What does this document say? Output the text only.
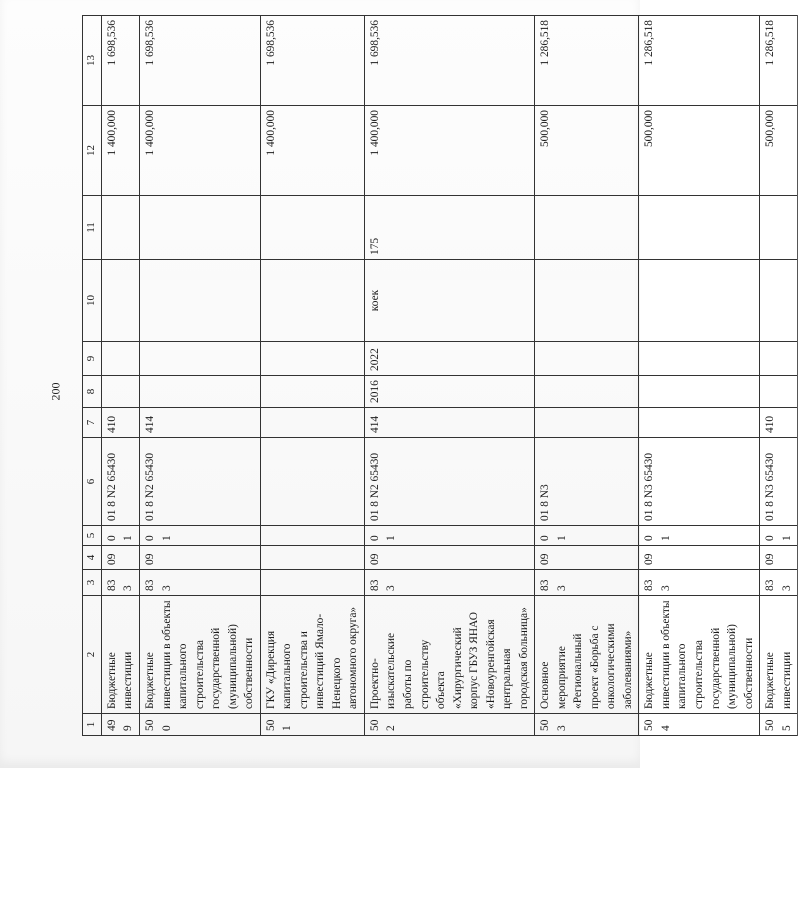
200
1	2	3	4	5	6	7	8	9	10	11	12	13
499	Бюджетные инвестиции	833	09	01	01 8 N2 65430	410					1 400,000	1 698,536
500	Бюджетные инвестиции в объекты капитального строительства государственной (муниципальной) собственности	833	09	01	01 8 N2 65430	414					1 400,000	1 698,536
501	ГКУ «Дирекция капитального строительства и инвестиций Ямало-Ненецкого автономного округа»										1 400,000	1 698,536
502	Проектно-изыскательские работы по строительству объекта «Хирургический корпус ГБУЗ ЯНАО «Новоуренгойская центральная городская больница»	833	09	01	01 8 N2 65430	414	2016	2022	коек	175	1 400,000	1 698,536
503	Основное мероприятие «Региональный проект «Борьба с онкологическими заболеваниями»	833	09	01	01 8 N3						500,000	1 286,518
504	Бюджетные инвестиции в объекты капитального строительства государственной (муниципальной) собственности	833	09	01	01 8 N3 65430						500,000	1 286,518
505	Бюджетные инвестиции	833	09	01	01 8 N3 65430	410					500,000	1 286,518
